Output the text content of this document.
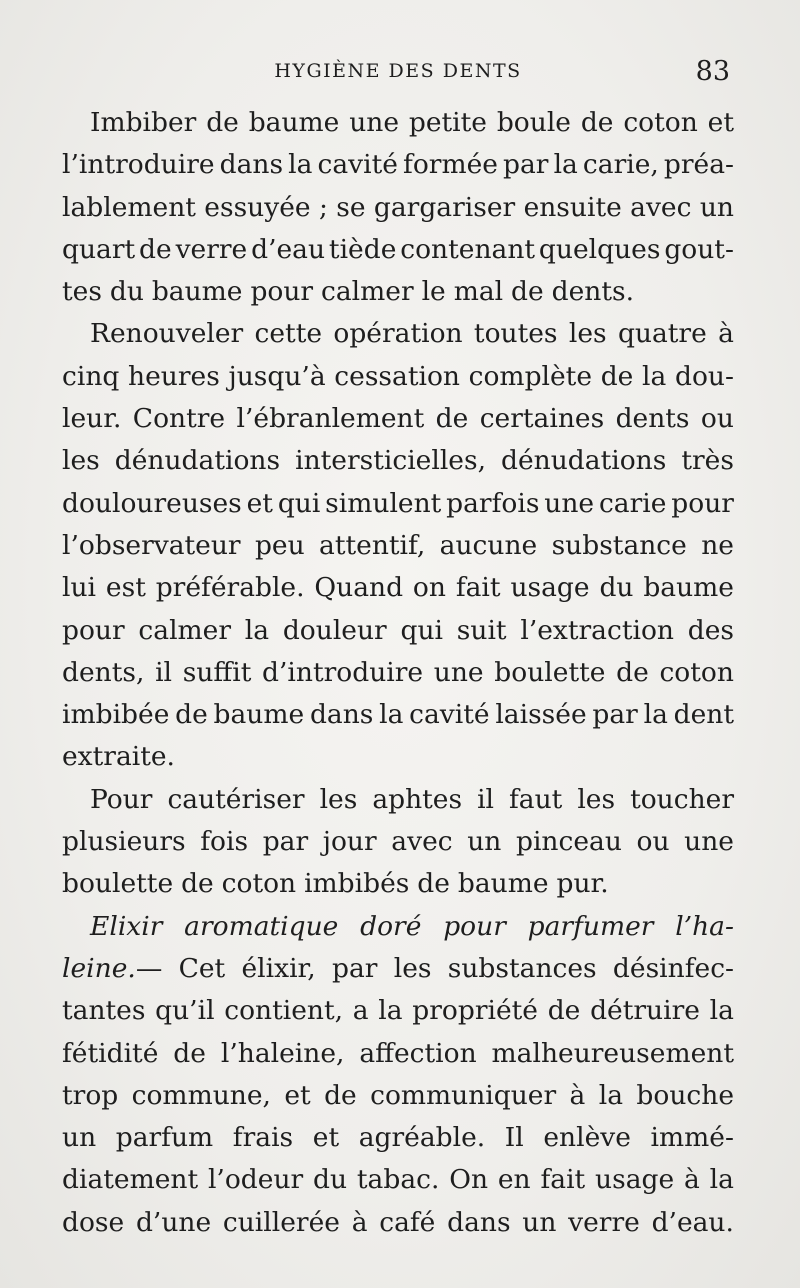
HYGIÈNE DES DENTS	83
Imbiber de baume une petite boule de coton et
l’introduire dans la cavité formée par la carie, préa-
lablement essuyée ; se gargariser ensuite avec un
quart de verre d’eau tiède contenant quelques gout-
tes du baume pour calmer le mal de dents.
Renouveler cette opération toutes les quatre à
cinq heures jusqu’à cessation complète de la dou-
leur. Contre l’ébranlement de certaines dents ou
les dénudations intersticielles, dénudations très
douloureuses et qui simulent parfois une carie pour
l’observateur peu attentif, aucune substance ne
lui est préférable. Quand on fait usage du baume
pour calmer la douleur qui suit l’extraction des
dents, il suffit d’introduire une boulette de coton
imbibée de baume dans la cavité laissée par la dent
extraite.
Pour cautériser les aphtes il faut les toucher
plusieurs fois par jour avec un pinceau ou une
boulette de coton imbibés de baume pur.
Elixir aromatique doré pour parfumer l’ha-
leine. — Cet élixir, par les substances désinfec-
tantes qu’il contient, a la propriété de détruire la
fétidité de l’haleine, affection malheureusement
trop commune, et de communiquer à la bouche
un parfum frais et agréable. Il enlève immé-
diatement l’odeur du tabac. On en fait usage à la
dose d’une cuillerée à café dans un verre d’eau.
